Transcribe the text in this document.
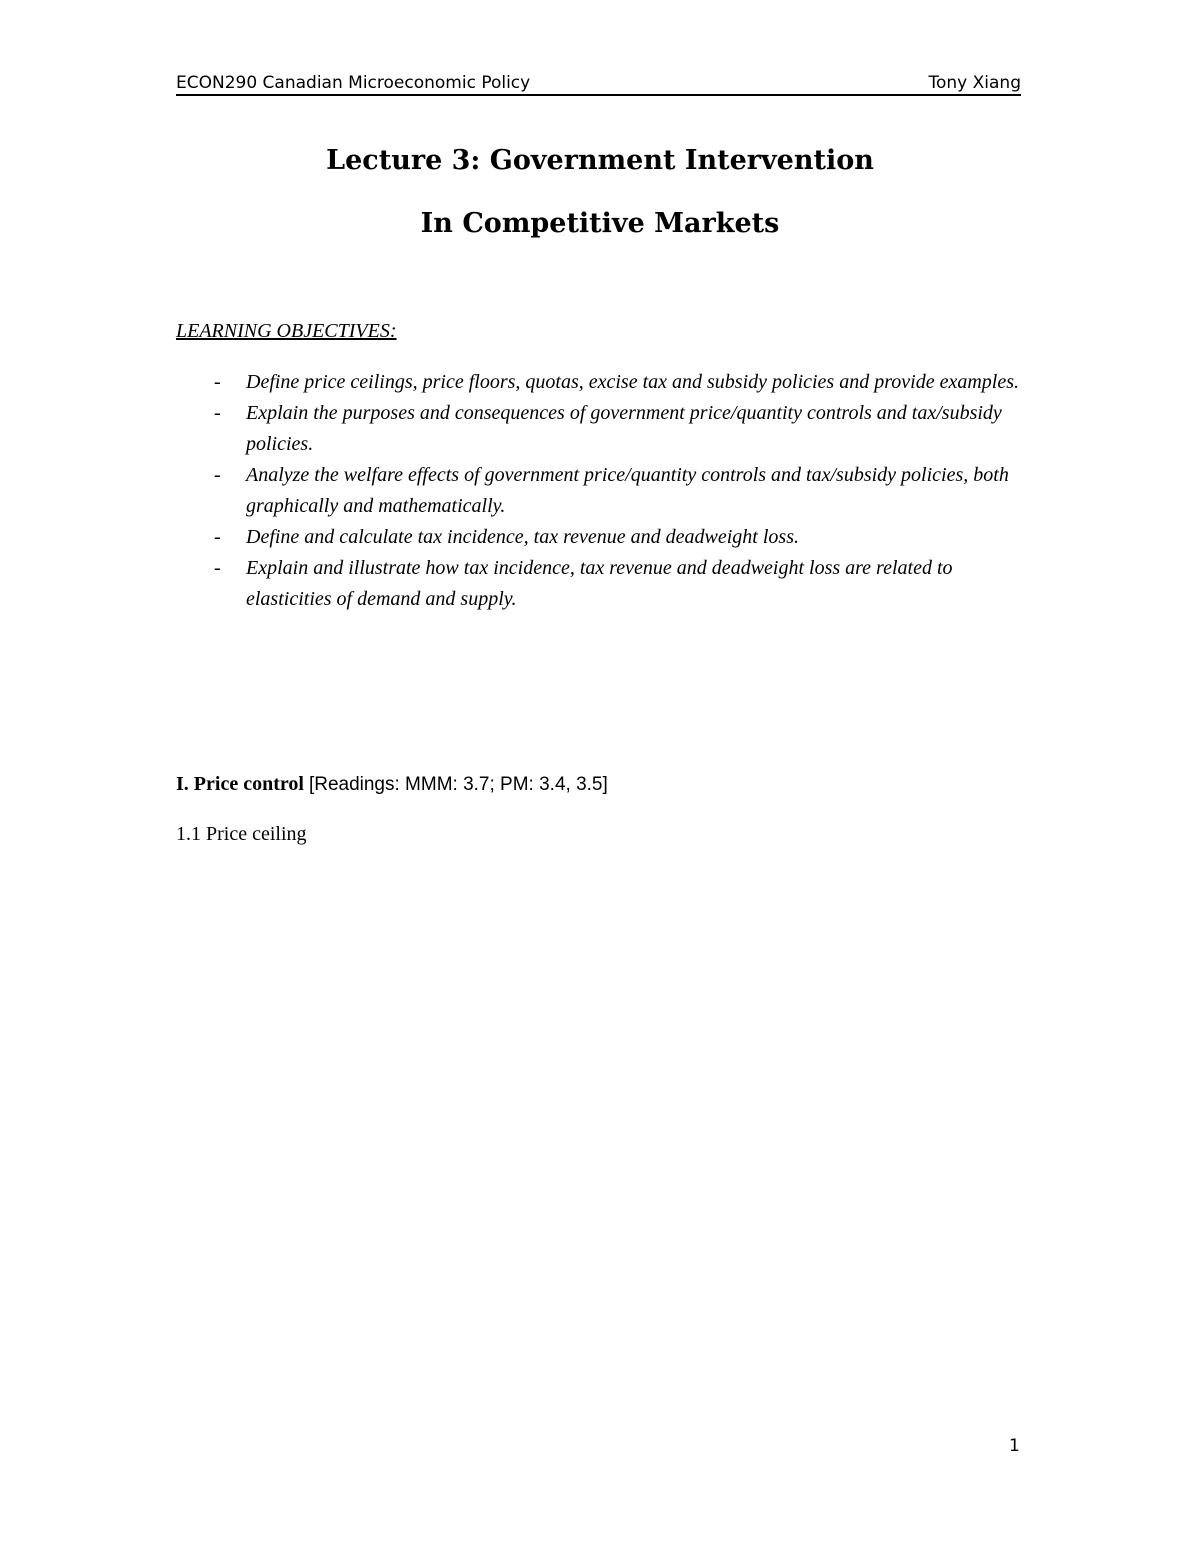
ECON290 Canadian Microeconomic Policy	Tony Xiang
Lecture 3: Government Intervention
In Competitive Markets
LEARNING OBJECTIVES:
- Define price ceilings, price floors, quotas, excise tax and subsidy policies and provide examples.
- Explain the purposes and consequences of government price/quantity controls and tax/subsidy policies.
- Analyze the welfare effects of government price/quantity controls and tax/subsidy policies, both graphically and mathematically.
- Define and calculate tax incidence, tax revenue and deadweight loss.
- Explain and illustrate how tax incidence, tax revenue and deadweight loss are related to elasticities of demand and supply.
I. Price control [Readings: MMM: 3.7; PM: 3.4, 3.5]
1.1 Price ceiling
1
